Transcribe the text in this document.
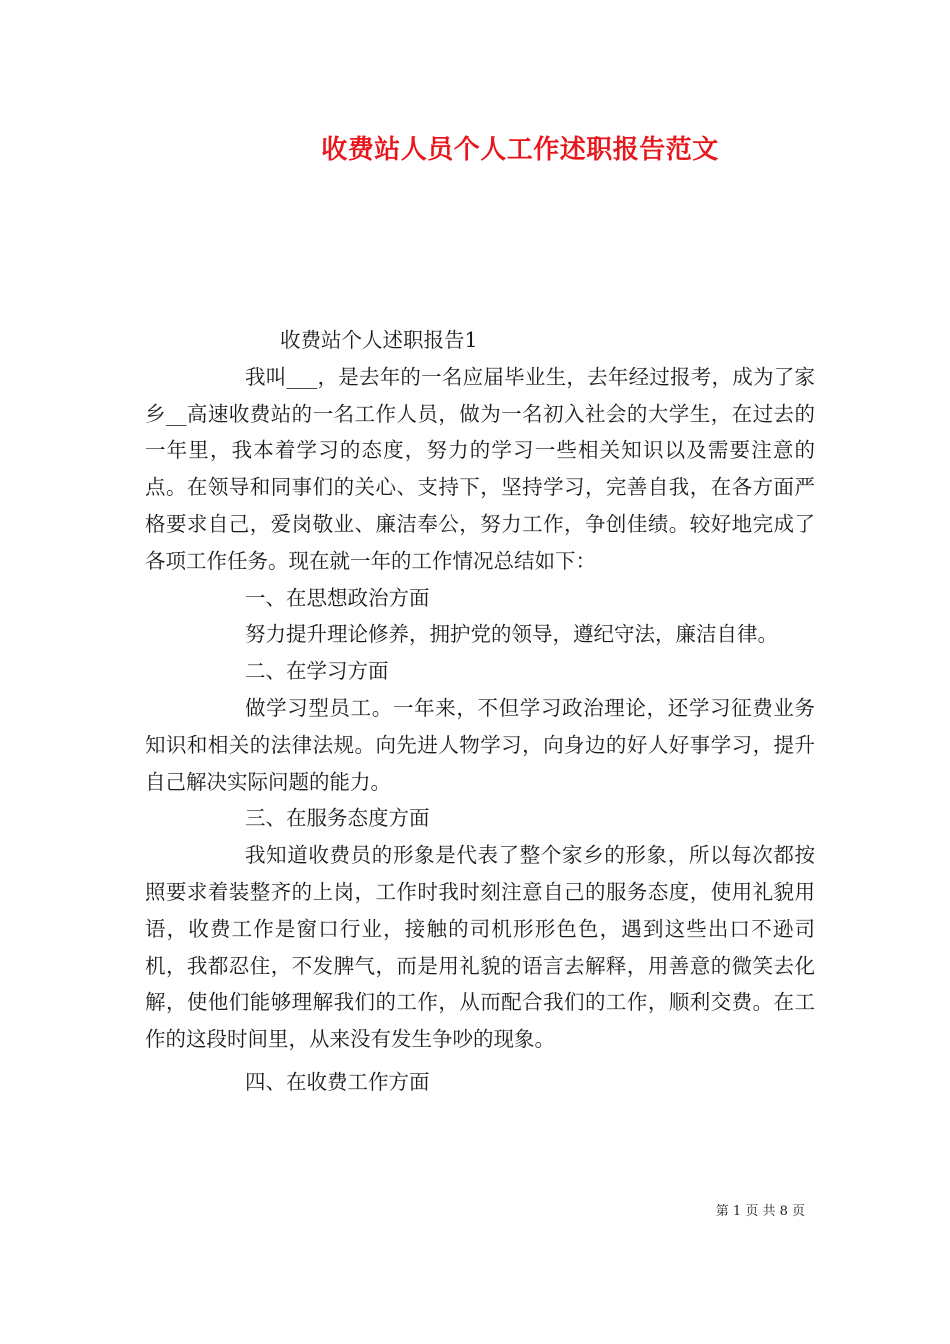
收费站人员个人工作述职报告范文

收费站个人述职报告1

我叫___，是去年的一名应届毕业生，去年经过报考，成为了家乡__高速收费站的一名工作人员，做为一名初入社会的大学生，在过去的一年里，我本着学习的态度，努力的学习一些相关知识以及需要注意的点。在领导和同事们的关心、支持下，坚持学习，完善自我，在各方面严格要求自己，爱岗敬业、廉洁奉公，努力工作，争创佳绩。较好地完成了各项工作任务。现在就一年的工作情况总结如下：

一、在思想政治方面

努力提升理论修养，拥护党的领导，遵纪守法，廉洁自律。

二、在学习方面

做学习型员工。一年来，不但学习政治理论，还学习征费业务知识和相关的法律法规。向先进人物学习，向身边的好人好事学习，提升自己解决实际问题的能力。

三、在服务态度方面

我知道收费员的形象是代表了整个家乡的形象，所以每次都按照要求着装整齐的上岗，工作时我时刻注意自己的服务态度，使用礼貌用语，收费工作是窗口行业，接触的司机形形色色，遇到这些出口不逊司机，我都忍住，不发脾气，而是用礼貌的语言去解释，用善意的微笑去化解，使他们能够理解我们的工作，从而配合我们的工作，顺利交费。在工作的这段时间里，从来没有发生争吵的现象。

四、在收费工作方面

第 1 页 共 8 页
